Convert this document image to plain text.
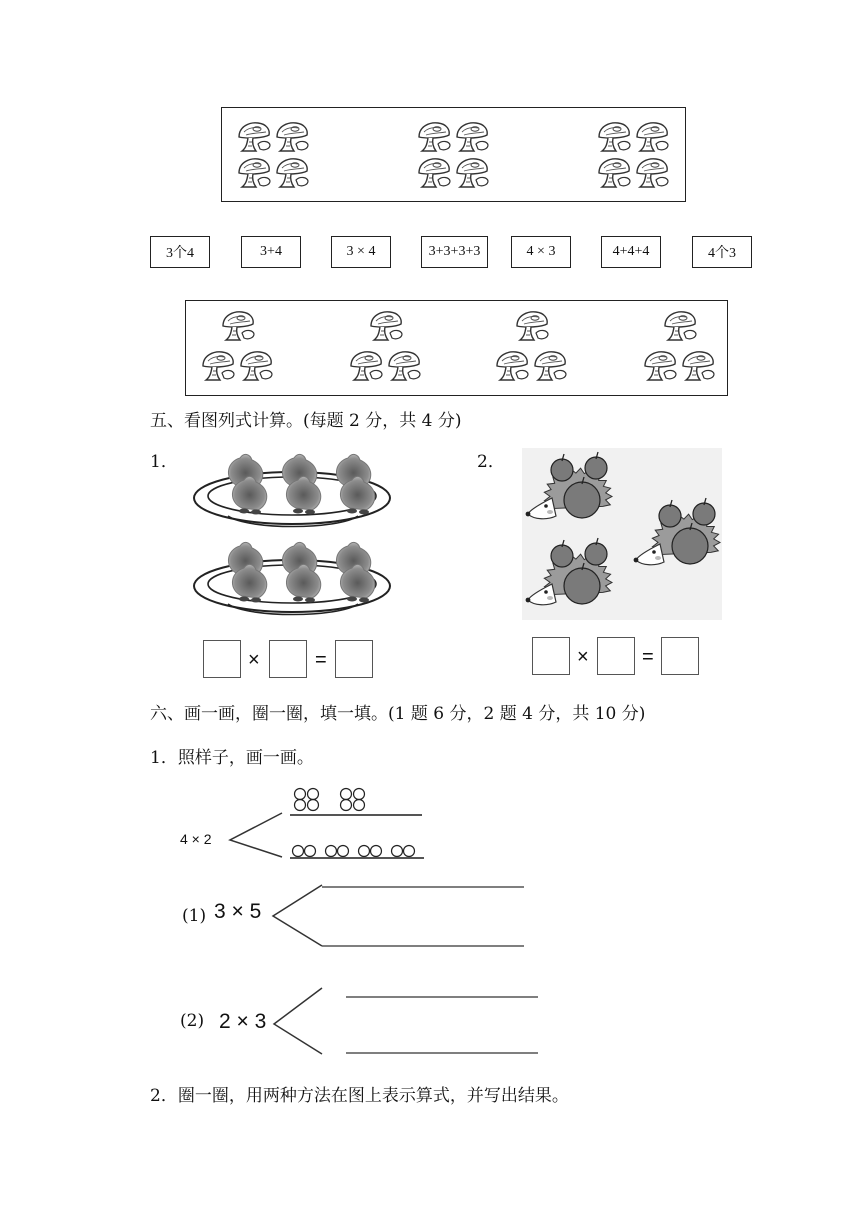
3个4	3+4	3 × 4	3+3+3+3	4 × 3	4+4+4	4个3
五、看图列式计算。(每题 2 分，共 4 分)
1．	2．
×	=	×	=
六、画一画，圈一圈，填一填。(1 题 6 分，2 题 4 分，共 10 分)
1．照样子，画一画。
4 × 2
(1) 3 × 5
(2) 2 × 3
2．圈一圈，用两种方法在图上表示算式，并写出结果。
